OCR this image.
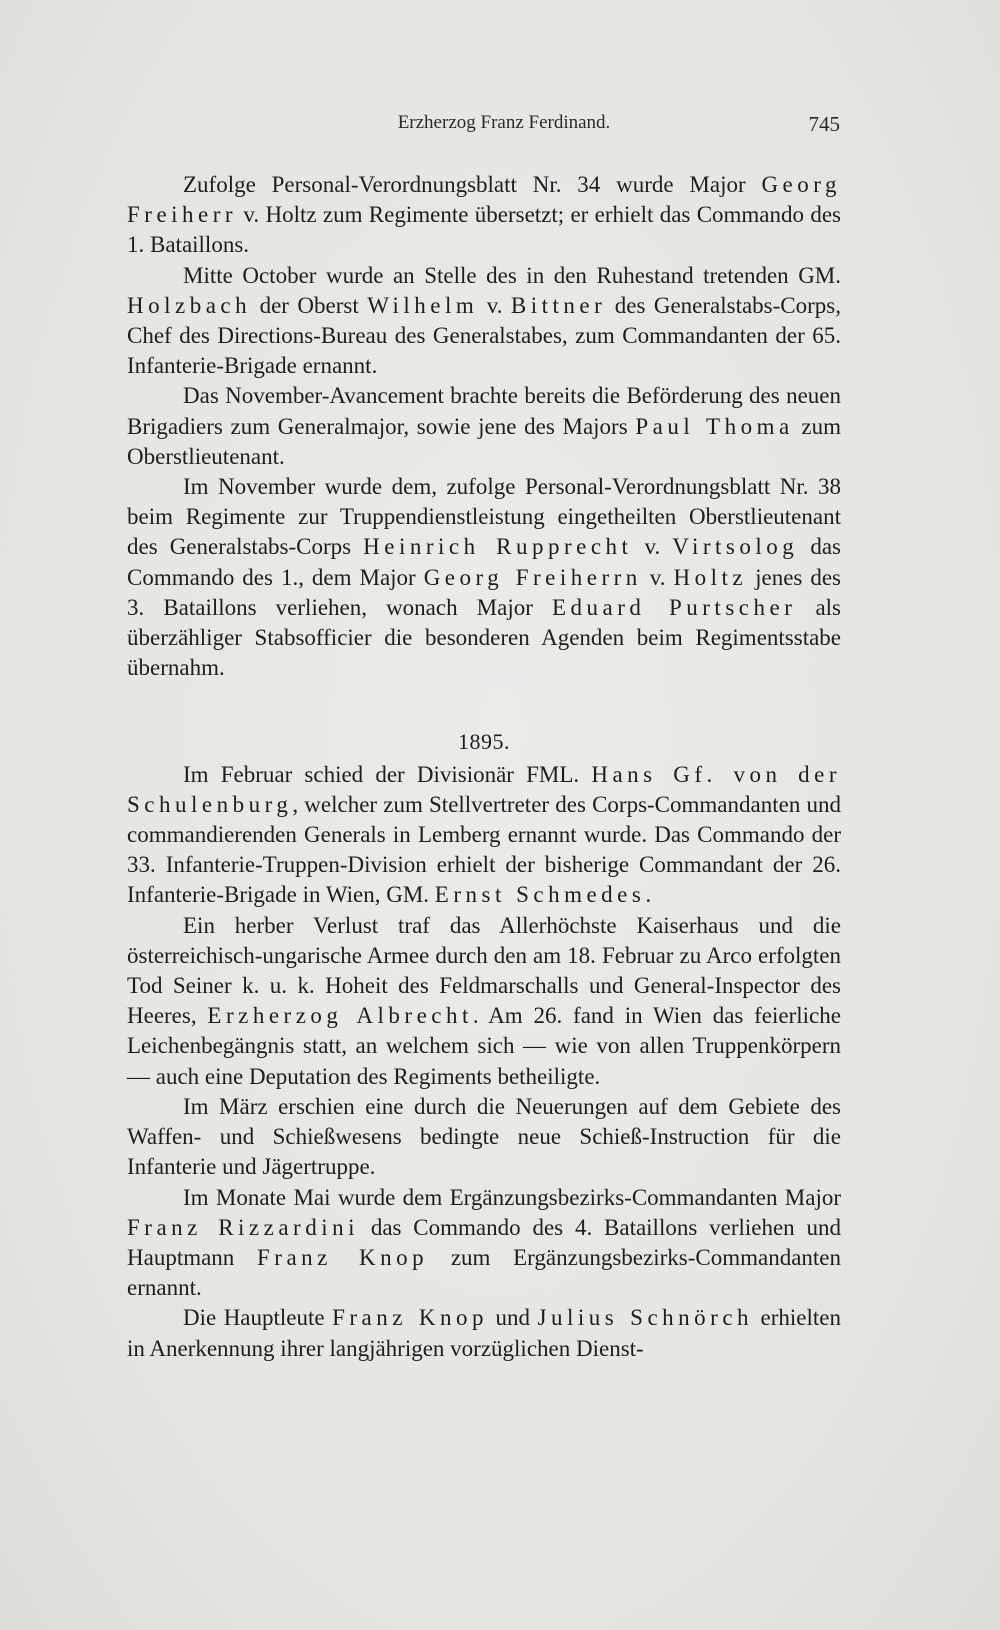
Erzherzog Franz Ferdinand.	745

Zufolge Personal-Verordnungsblatt Nr. 34 wurde Major Georg Freiherr v. Holtz zum Regimente übersetzt; er erhielt das Commando des 1. Bataillons.

Mitte October wurde an Stelle des in den Ruhestand tretenden GM. Holzbach der Oberst Wilhelm v. Bittner des Generalstabs-Corps, Chef des Directions-Bureau des Generalstabes, zum Commandanten der 65. Infanterie-Brigade ernannt.

Das November-Avancement brachte bereits die Beförderung des neuen Brigadiers zum Generalmajor, sowie jene des Majors Paul Thoma zum Oberstlieutenant.

Im November wurde dem, zufolge Personal-Verordnungsblatt Nr. 38 beim Regimente zur Truppendienstleistung eingetheilten Oberstlieutenant des Generalstabs-Corps Heinrich Rupprecht v. Virtsolog das Commando des 1., dem Major Georg Freiherrn v. Holtz jenes des 3. Bataillons verliehen, wonach Major Eduard Purtscher als überzähliger Stabsofficier die besonderen Agenden beim Regimentsstabe übernahm.

1895.

Im Februar schied der Divisionär FML. Hans Gf. von der Schulenburg, welcher zum Stellvertreter des Corps-Commandanten und commandierenden Generals in Lemberg ernannt wurde. Das Commando der 33. Infanterie-Truppen-Division erhielt der bisherige Commandant der 26. Infanterie-Brigade in Wien, GM. Ernst Schmedes.

Ein herber Verlust traf das Allerhöchste Kaiserhaus und die österreichisch-ungarische Armee durch den am 18. Februar zu Arco erfolgten Tod Seiner k. u. k. Hoheit des Feldmarschalls und General-Inspector des Heeres, Erzherzog Albrecht. Am 26. fand in Wien das feierliche Leichenbegängnis statt, an welchem sich — wie von allen Truppenkörpern — auch eine Deputation des Regiments betheiligte.

Im März erschien eine durch die Neuerungen auf dem Gebiete des Waffen- und Schießwesens bedingte neue Schieß-Instruction für die Infanterie und Jägertruppe.

Im Monate Mai wurde dem Ergänzungsbezirks-Commandanten Major Franz Rizzardini das Commando des 4. Bataillons verliehen und Hauptmann Franz Knop zum Ergänzungsbezirks-Commandanten ernannt.

Die Hauptleute Franz Knop und Julius Schnörch erhielten in Anerkennung ihrer langjährigen vorzüglichen Dienst-
